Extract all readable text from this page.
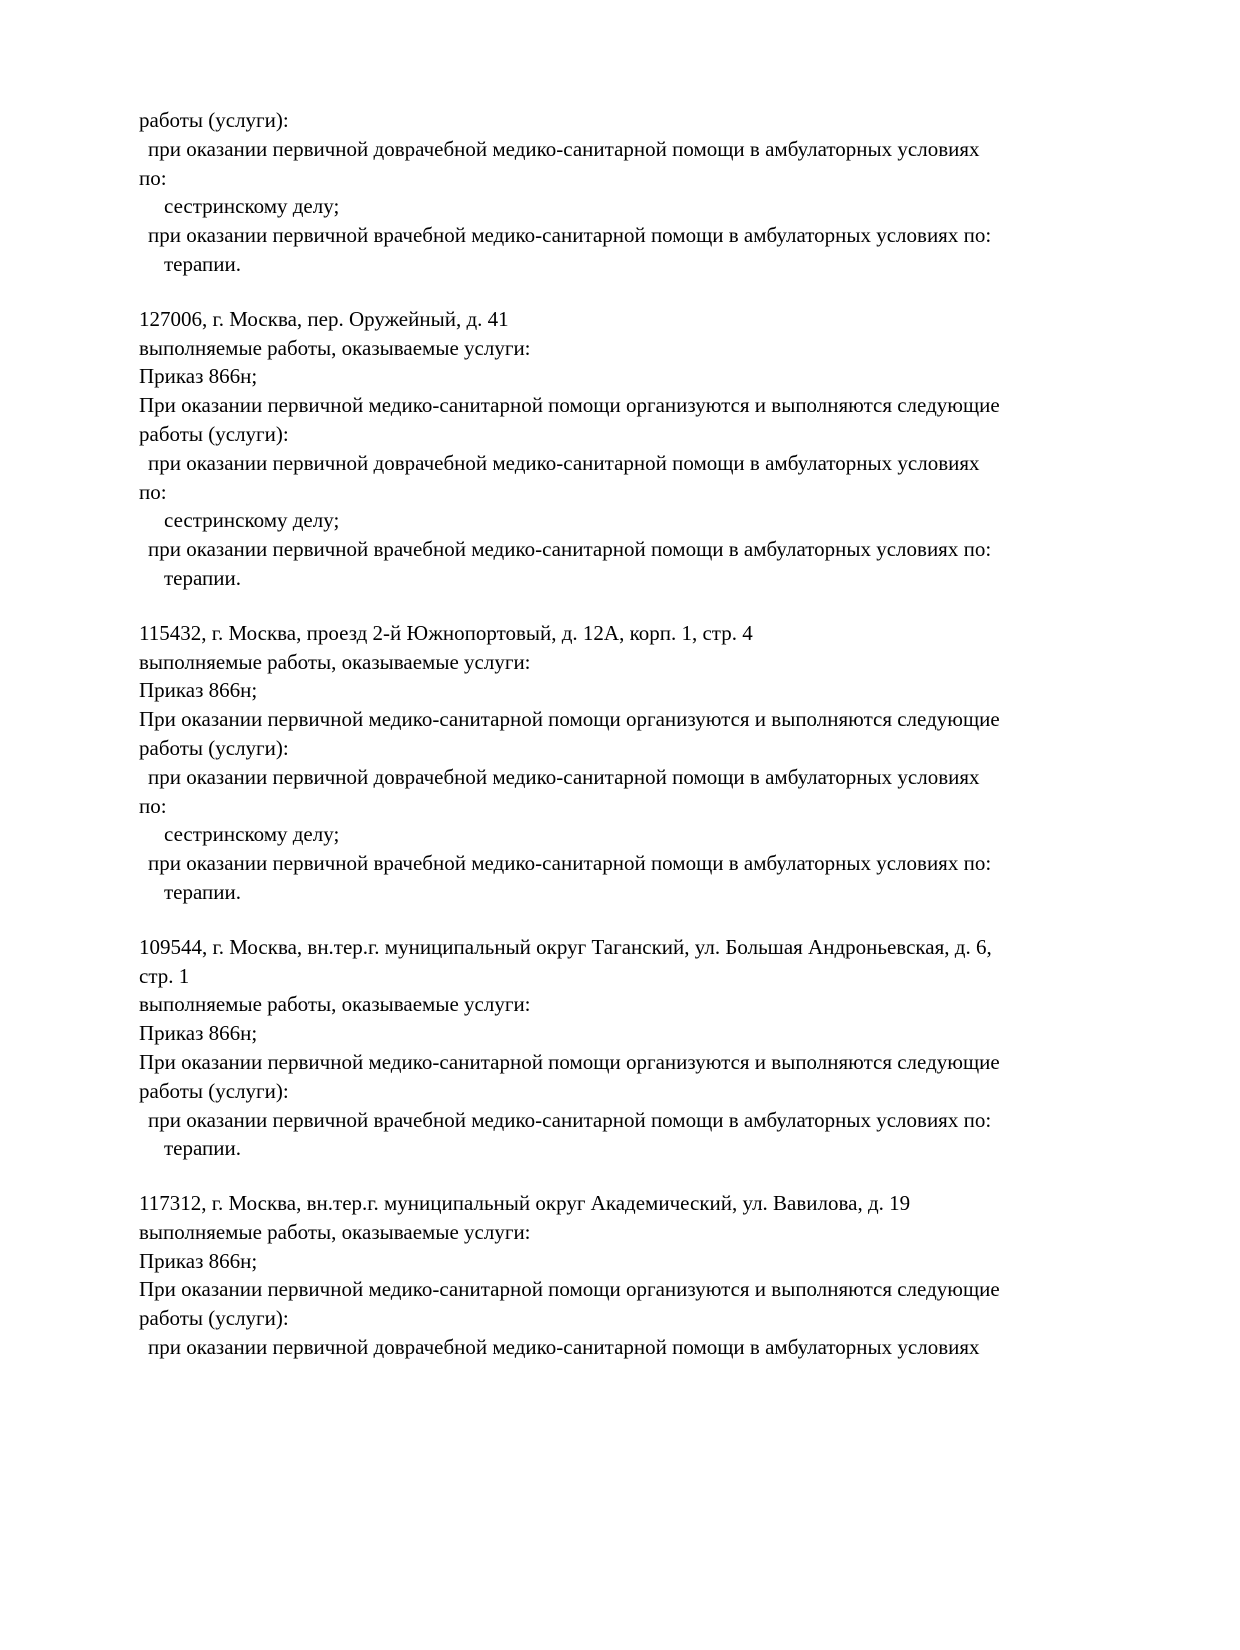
работы (услуги):
при оказании первичной доврачебной медико-санитарной помощи в амбулаторных условиях
по:
сестринскому делу;
при оказании первичной врачебной медико-санитарной помощи в амбулаторных условиях по:
терапии.
127006, г. Москва, пер. Оружейный, д. 41
выполняемые работы, оказываемые услуги:
Приказ 866н;
При оказании первичной медико-санитарной помощи организуются и выполняются следующие
работы (услуги):
при оказании первичной доврачебной медико-санитарной помощи в амбулаторных условиях
по:
сестринскому делу;
при оказании первичной врачебной медико-санитарной помощи в амбулаторных условиях по:
терапии.
115432, г. Москва, проезд 2-й Южнопортовый, д. 12А, корп. 1, стр. 4
выполняемые работы, оказываемые услуги:
Приказ 866н;
При оказании первичной медико-санитарной помощи организуются и выполняются следующие
работы (услуги):
при оказании первичной доврачебной медико-санитарной помощи в амбулаторных условиях
по:
сестринскому делу;
при оказании первичной врачебной медико-санитарной помощи в амбулаторных условиях по:
терапии.
109544, г. Москва, вн.тер.г. муниципальный округ Таганский, ул. Большая Андроньевская, д. 6,
стр. 1
выполняемые работы, оказываемые услуги:
Приказ 866н;
При оказании первичной медико-санитарной помощи организуются и выполняются следующие
работы (услуги):
при оказании первичной врачебной медико-санитарной помощи в амбулаторных условиях по:
терапии.
117312, г. Москва, вн.тер.г. муниципальный округ Академический, ул. Вавилова, д. 19
выполняемые работы, оказываемые услуги:
Приказ 866н;
При оказании первичной медико-санитарной помощи организуются и выполняются следующие
работы (услуги):
при оказании первичной доврачебной медико-санитарной помощи в амбулаторных условиях
